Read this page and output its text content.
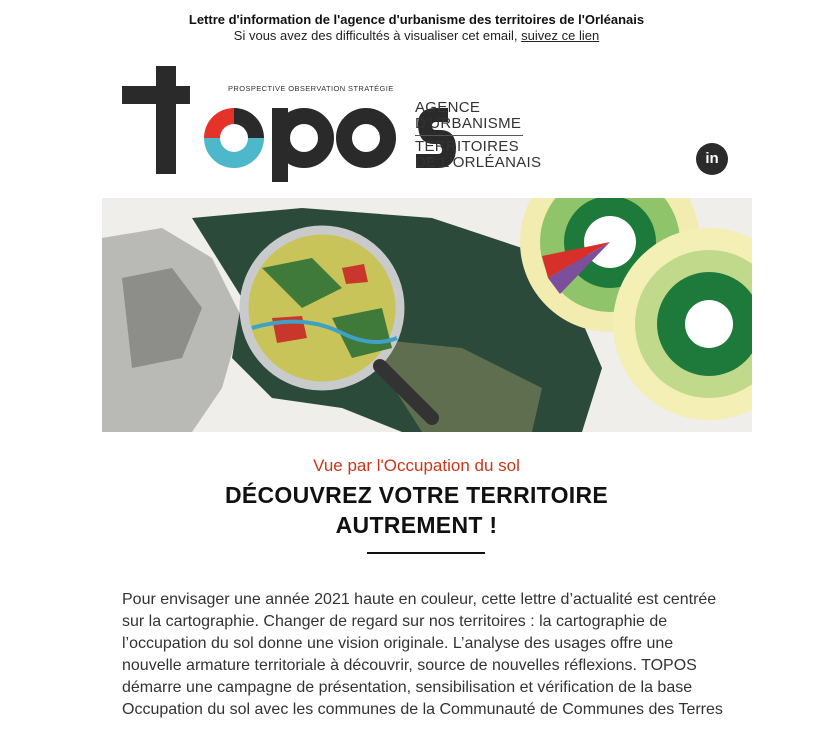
Lettre d'information de l'agence d'urbanisme des territoires de l'Orléanais
Si vous avez des difficultés à visualiser cet email, suivez ce lien
PROSPECTIVE OBSERVATION STRATÉGIE
AGENCE
D'URBANISME
TERRITOIRES
DE L'ORLÉANAIS	in
Vue par l'Occupation du sol
DÉCOUVREZ VOTRE TERRITOIRE
AUTREMENT !
Pour envisager une année 2021 haute en couleur, cette lettre d’actualité est centrée sur la cartographie. Changer de regard sur nos territoires : la cartographie de l’occupation du sol donne une vision originale. L’analyse des usages offre une nouvelle armature territoriale à découvrir, source de nouvelles réflexions. TOPOS démarre une campagne de présentation, sensibilisation et vérification de la base Occupation du sol avec les communes de la Communauté de Communes des Terres
